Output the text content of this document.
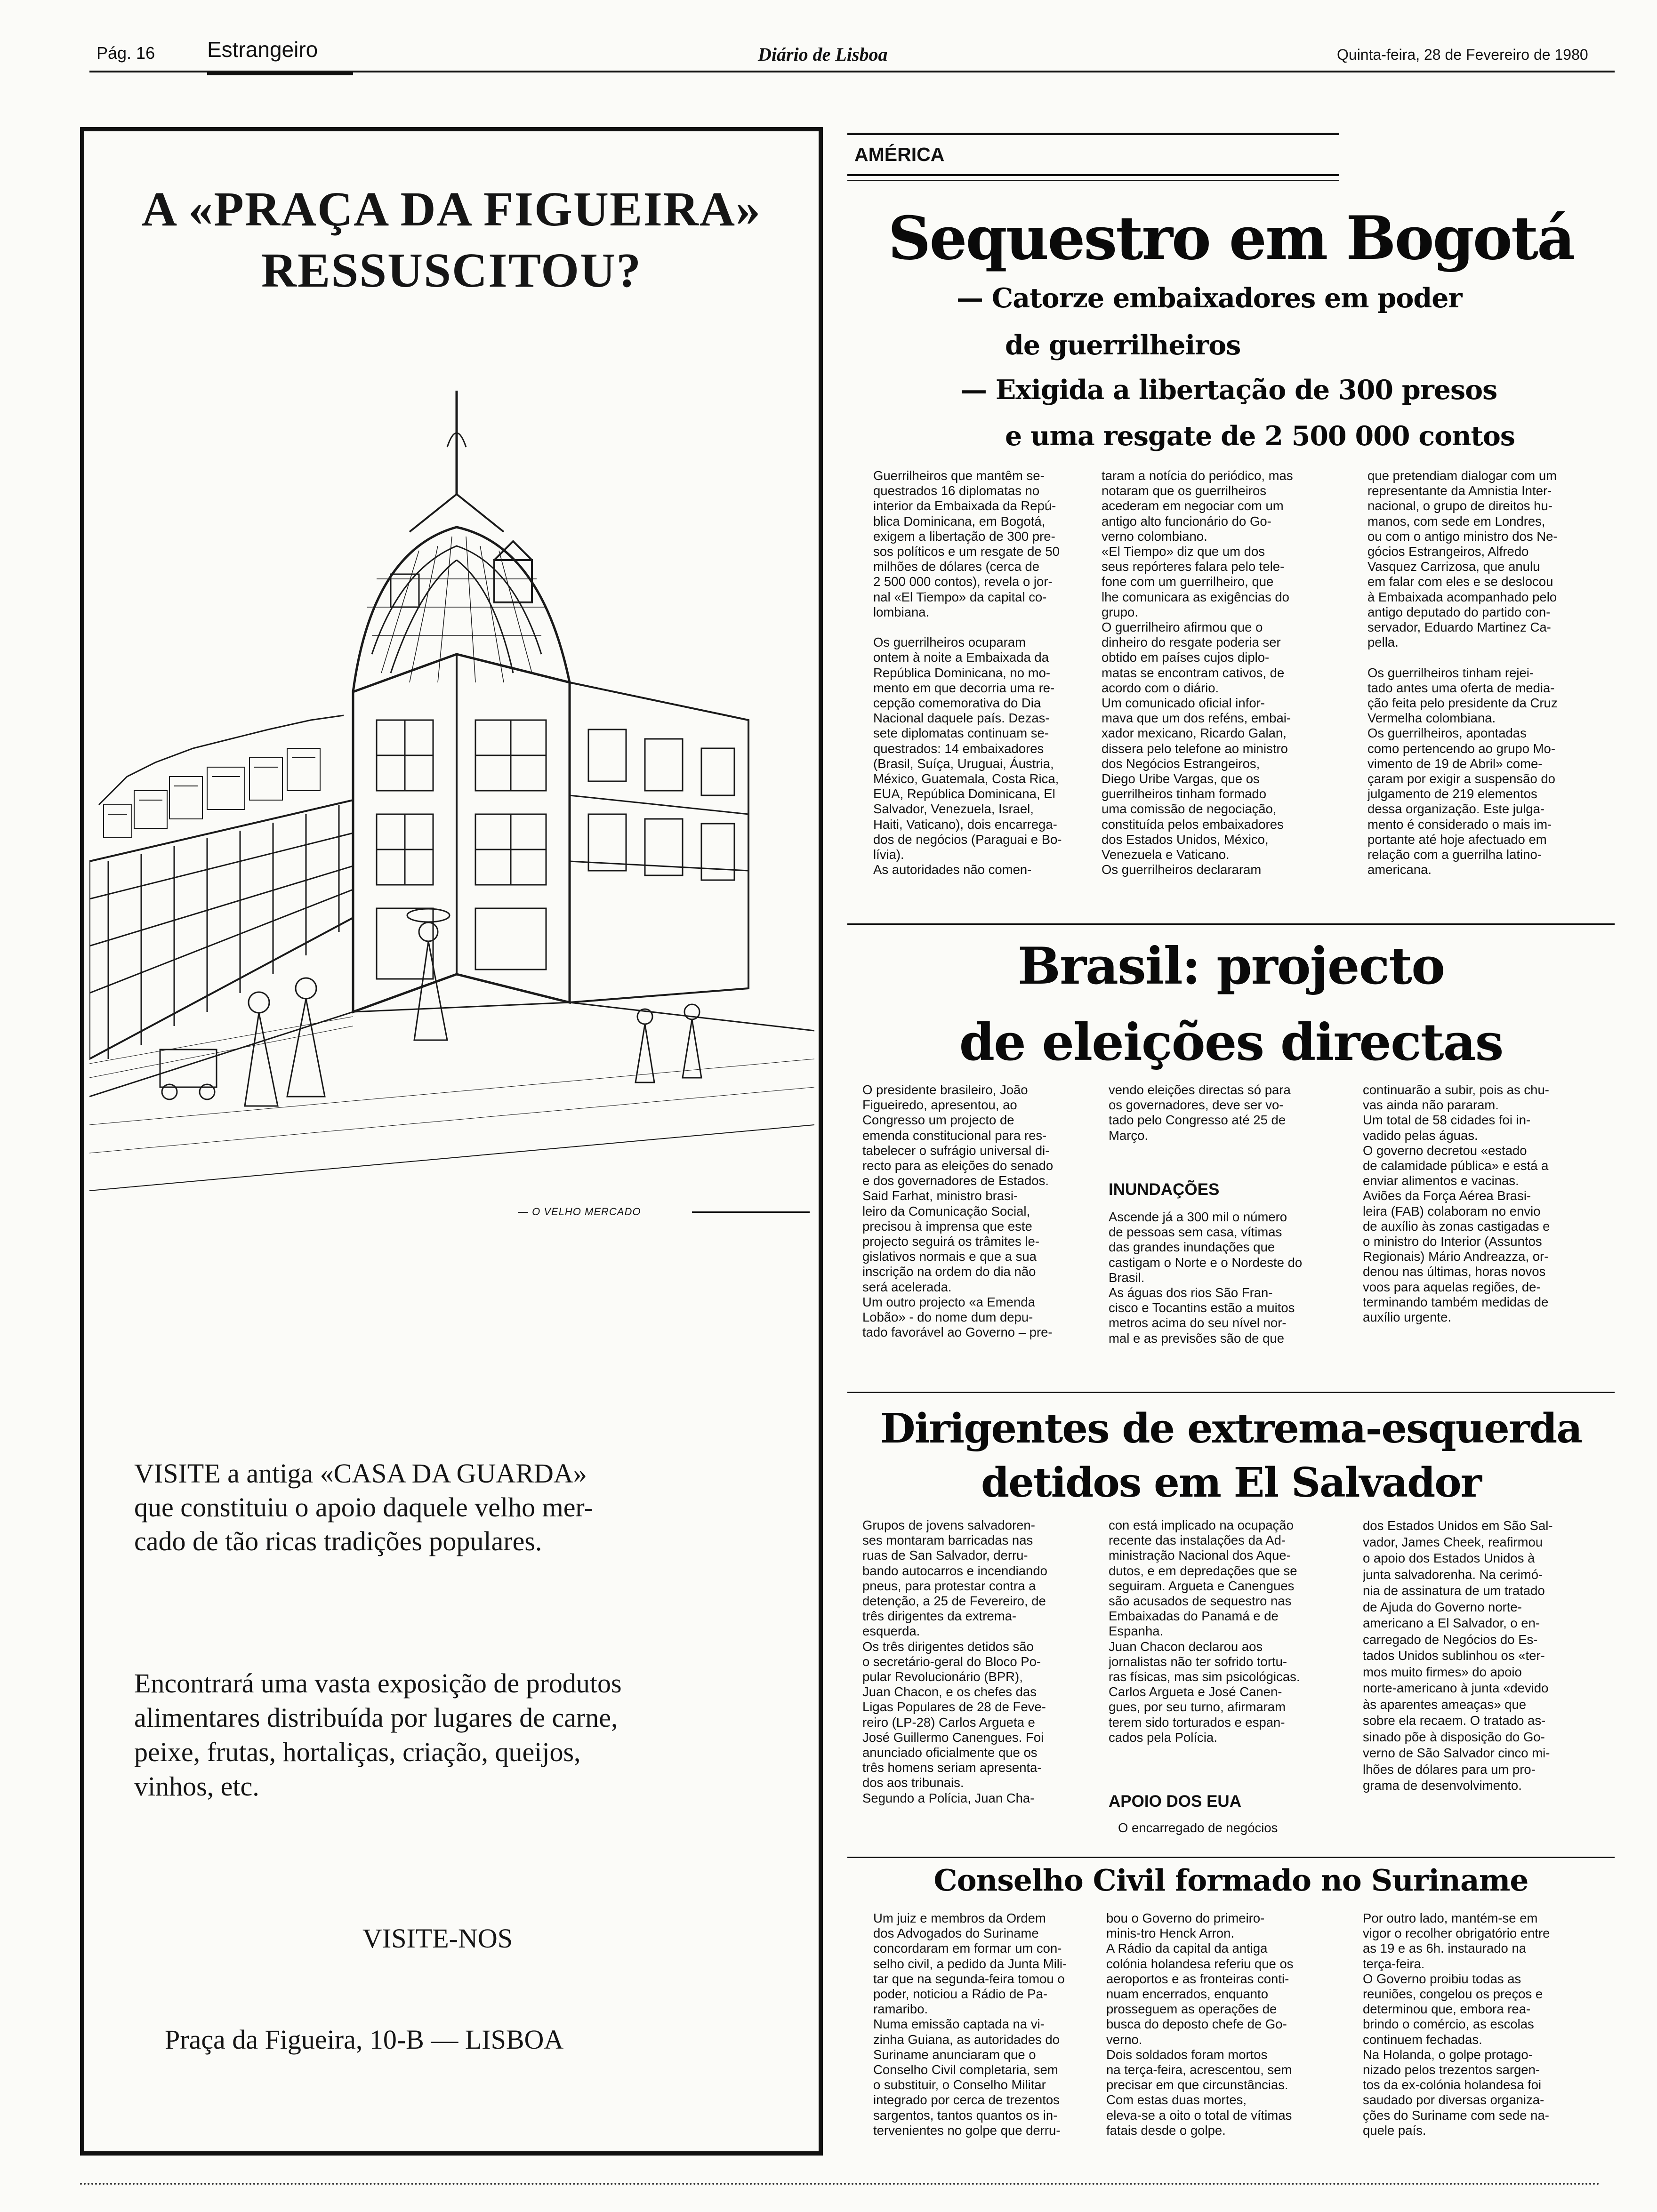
Pág. 16 Estrangeiro	Diário de Lisboa	Quinta-feira, 28 de Fevereiro de 1980
A «PRAÇA DA FIGUEIRA»
RESSUSCITOU?
— O VELHO MERCADO
VISITE a antiga «CASA DA GUARDA»
que constituiu o apoio daquele velho mer-
cado de tão ricas tradições populares.
Encontrará uma vasta exposição de produtos
alimentares distribuída por lugares de carne,
peixe, frutas, hortaliças, criação, queijos,
vinhos, etc.
VISITE-NOS
Praça da Figueira, 10-B — LISBOA
AMÉRICA
Sequestro em Bogotá
— Catorze embaixadores em poder
de guerrilheiros
— Exigida a libertação de 300 presos
e uma resgate de 2 500 000 contos
Guerrilheiros que mantêm se-
questrados 16 diplomatas no
interior da Embaixada da Repú-
blica Dominicana, em Bogotá,
exigem a libertação de 300 pre-
sos políticos e um resgate de 50
milhões de dólares (cerca de
2 500 000 contos), revela o jor-
nal «El Tiempo» da capital co-
lombiana.

Os guerrilheiros ocuparam
ontem à noite a Embaixada da
República Dominicana, no mo-
mento em que decorria uma re-
cepção comemorativa do Dia
Nacional daquele país. Dezas-
sete diplomatas continuam se-
questrados: 14 embaixadores
(Brasil, Suíça, Uruguai, Áustria,
México, Guatemala, Costa Rica,
EUA, República Dominicana, El
Salvador, Venezuela, Israel,
Haiti, Vaticano), dois encarrega-
dos de negócios (Paraguai e Bo-
lívia).
As autoridades não comen-
taram a notícia do periódico, mas
notaram que os guerrilheiros
acederam em negociar com um
antigo alto funcionário do Go-
verno colombiano.
«El Tiempo» diz que um dos
seus repórteres falara pelo tele-
fone com um guerrilheiro, que
lhe comunicara as exigências do
grupo.
O guerrilheiro afirmou que o
dinheiro do resgate poderia ser
obtido em países cujos diplo-
matas se encontram cativos, de
acordo com o diário.
Um comunicado oficial infor-
mava que um dos reféns, embai-
xador mexicano, Ricardo Galan,
dissera pelo telefone ao ministro
dos Negócios Estrangeiros,
Diego Uribe Vargas, que os
guerrilheiros tinham formado
uma comissão de negociação,
constituída pelos embaixadores
dos Estados Unidos, México,
Venezuela e Vaticano.
Os guerrilheiros declararam
que pretendiam dialogar com um
representante da Amnistia Inter-
nacional, o grupo de direitos hu-
manos, com sede em Londres,
ou com o antigo ministro dos Ne-
gócios Estrangeiros, Alfredo
Vasquez Carrizosa, que anulu
em falar com eles e se deslocou
à Embaixada acompanhado pelo
antigo deputado do partido con-
servador, Eduardo Martinez Ca-
pella.

Os guerrilheiros tinham rejei-
tado antes uma oferta de media-
ção feita pelo presidente da Cruz
Vermelha colombiana.
Os guerrilheiros, apontadas
como pertencendo ao grupo Mo-
vimento de 19 de Abril» come-
çaram por exigir a suspensão do
julgamento de 219 elementos
dessa organização. Este julga-
mento é considerado o mais im-
portante até hoje afectuado em
relação com a guerrilha latino-
americana.
Brasil: projecto
de eleições directas
O presidente brasileiro, João
Figueiredo, apresentou, ao
Congresso um projecto de
emenda constitucional para res-
tabelecer o sufrágio universal di-
recto para as eleições do senado
e dos governadores de Estados.
Said Farhat, ministro brasi-
leiro da Comunicação Social,
precisou à imprensa que este
projecto seguirá os trâmites le-
gislativos normais e que a sua
inscrição na ordem do dia não
será acelerada.
Um outro projecto «a Emenda
Lobão» - do nome dum depu-
tado favorável ao Governo – pre-
vendo eleições directas só para
os governadores, deve ser vo-
tado pelo Congresso até 25 de
Março.
INUNDAÇÕES
Ascende já a 300 mil o número
de pessoas sem casa, vítimas
das grandes inundações que
castigam o Norte e o Nordeste do
Brasil.
As águas dos rios São Fran-
cisco e Tocantins estão a muitos
metros acima do seu nível nor-
mal e as previsões são de que
continuarão a subir, pois as chu-
vas ainda não pararam.
Um total de 58 cidades foi in-
vadido pelas águas.
O governo decretou «estado
de calamidade pública» e está a
enviar alimentos e vacinas.
Aviões da Força Aérea Brasi-
leira (FAB) colaboram no envio
de auxílio às zonas castigadas e
o ministro do Interior (Assuntos
Regionais) Mário Andreazza, or-
denou nas últimas, horas novos
voos para aquelas regiões, de-
terminando também medidas de
auxílio urgente.
Dirigentes de extrema-esquerda
detidos em El Salvador
Grupos de jovens salvadoren-
ses montaram barricadas nas
ruas de San Salvador, derru-
bando autocarros e incendiando
pneus, para protestar contra a
detenção, a 25 de Fevereiro, de
três dirigentes da extrema-
esquerda.
Os três dirigentes detidos são
o secretário-geral do Bloco Po-
pular Revolucionário (BPR),
Juan Chacon, e os chefes das
Ligas Populares de 28 de Feve-
reiro (LP-28) Carlos Argueta e
José Guillermo Canengues. Foi
anunciado oficialmente que os
três homens seriam apresenta-
dos aos tribunais.
Segundo a Polícia, Juan Cha-
con está implicado na ocupação
recente das instalações da Ad-
ministração Nacional dos Aque-
dutos, e em depredações que se
seguiram. Argueta e Canengues
são acusados de sequestro nas
Embaixadas do Panamá e de
Espanha.
Juan Chacon declarou aos
jornalistas não ter sofrido tortu-
ras físicas, mas sim psicológicas.
Carlos Argueta e José Canen-
gues, por seu turno, afirmaram
terem sido torturados e espan-
cados pela Polícia.
APOIO DOS EUA
O encarregado de negócios
dos Estados Unidos em São Sal-
vador, James Cheek, reafirmou
o apoio dos Estados Unidos à
junta salvadorenha. Na cerimó-
nia de assinatura de um tratado
de Ajuda do Governo norte-
americano a El Salvador, o en-
carregado de Negócios do Es-
tados Unidos sublinhou os «ter-
mos muito firmes» do apoio
norte-americano à junta «devido
às aparentes ameaças» que
sobre ela recaem. O tratado as-
sinado põe à disposição do Go-
verno de São Salvador cinco mi-
lhões de dólares para um pro-
grama de desenvolvimento.
Conselho Civil formado no Suriname
Um juiz e membros da Ordem
dos Advogados do Suriname
concordaram em formar um con-
selho civil, a pedido da Junta Mili-
tar que na segunda-feira tomou o
poder, noticiou a Rádio de Pa-
ramaribo.
Numa emissão captada na vi-
zinha Guiana, as autoridades do
Suriname anunciaram que o
Conselho Civil completaria, sem
o substituir, o Conselho Militar
integrado por cerca de trezentos
sargentos, tantos quantos os in-
tervenientes no golpe que derru-
bou o Governo do primeiro-
minis-tro Henck Arron.
A Rádio da capital da antiga
colónia holandesa referiu que os
aeroportos e as fronteiras conti-
nuam encerrados, enquanto
prosseguem as operações de
busca do deposto chefe de Go-
verno.
Dois soldados foram mortos
na terça-feira, acrescentou, sem
precisar em que circunstâncias.
Com estas duas mortes,
eleva-se a oito o total de vítimas
fatais desde o golpe.
Por outro lado, mantém-se em
vigor o recolher obrigatório entre
as 19 e as 6h. instaurado na
terça-feira.
O Governo proibiu todas as
reuniões, congelou os preços e
determinou que, embora rea-
brindo o comércio, as escolas
continuem fechadas.
Na Holanda, o golpe protago-
nizado pelos trezentos sargen-
tos da ex-colónia holandesa foi
saudado por diversas organiza-
ções do Suriname com sede na-
quele país.
